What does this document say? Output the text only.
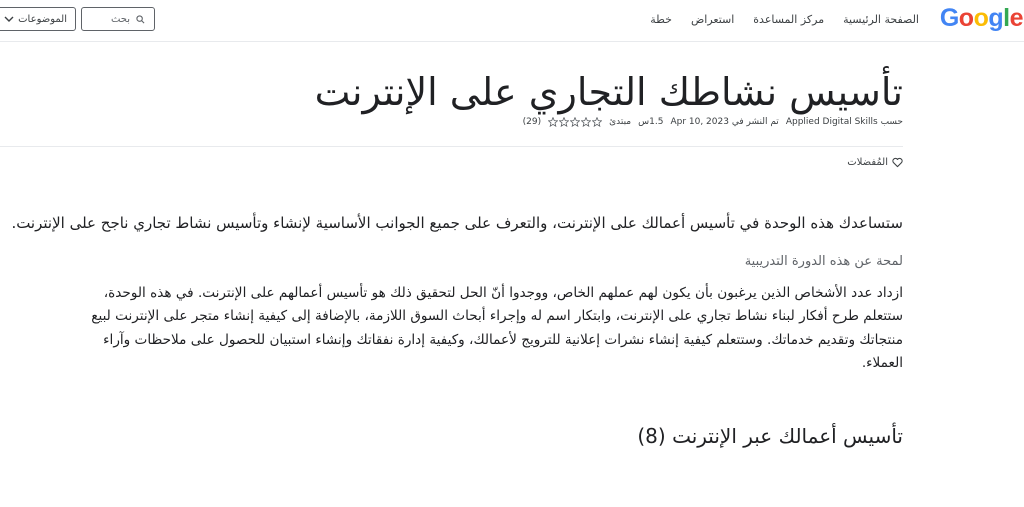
Google
الصفحة الرئيسية
مركز المساعدة
استعراض
خطة
بحث
الموضوعات
تأسيس نشاطك التجاري على الإنترنت
حسب Applied Digital Skills
تم النشر في Apr 10, 2023
1.5س
مبتدئ
(29)
المُفضلات
ستساعدك هذه الوحدة في تأسيس أعمالك على الإنترنت، والتعرف على جميع الجوانب الأساسية لإنشاء وتأسيس نشاط تجاري ناجح على الإنترنت.
لمحة عن هذه الدورة التدريبية

ازداد عدد الأشخاص الذين يرغبون بأن يكون لهم عملهم الخاص، ووجدوا أنّ الحل لتحقيق ذلك هو تأسيس أعمالهم على الإنترنت. في هذه الوحدة،
ستتعلم طرح أفكار لبناء نشاط تجاري على الإنترنت، وابتكار اسم له وإجراء أبحاث السوق اللازمة، بالإضافة إلى كيفية إنشاء متجر على الإنترنت لبيع
منتجاتك وتقديم خدماتك. وستتعلم كيفية إنشاء نشرات إعلانية للترويج لأعمالك، وكيفية إدارة نفقاتك وإنشاء استبيان للحصول على ملاحظات وآراء
العملاء.

تأسيس أعمالك عبر الإنترنت (8)
